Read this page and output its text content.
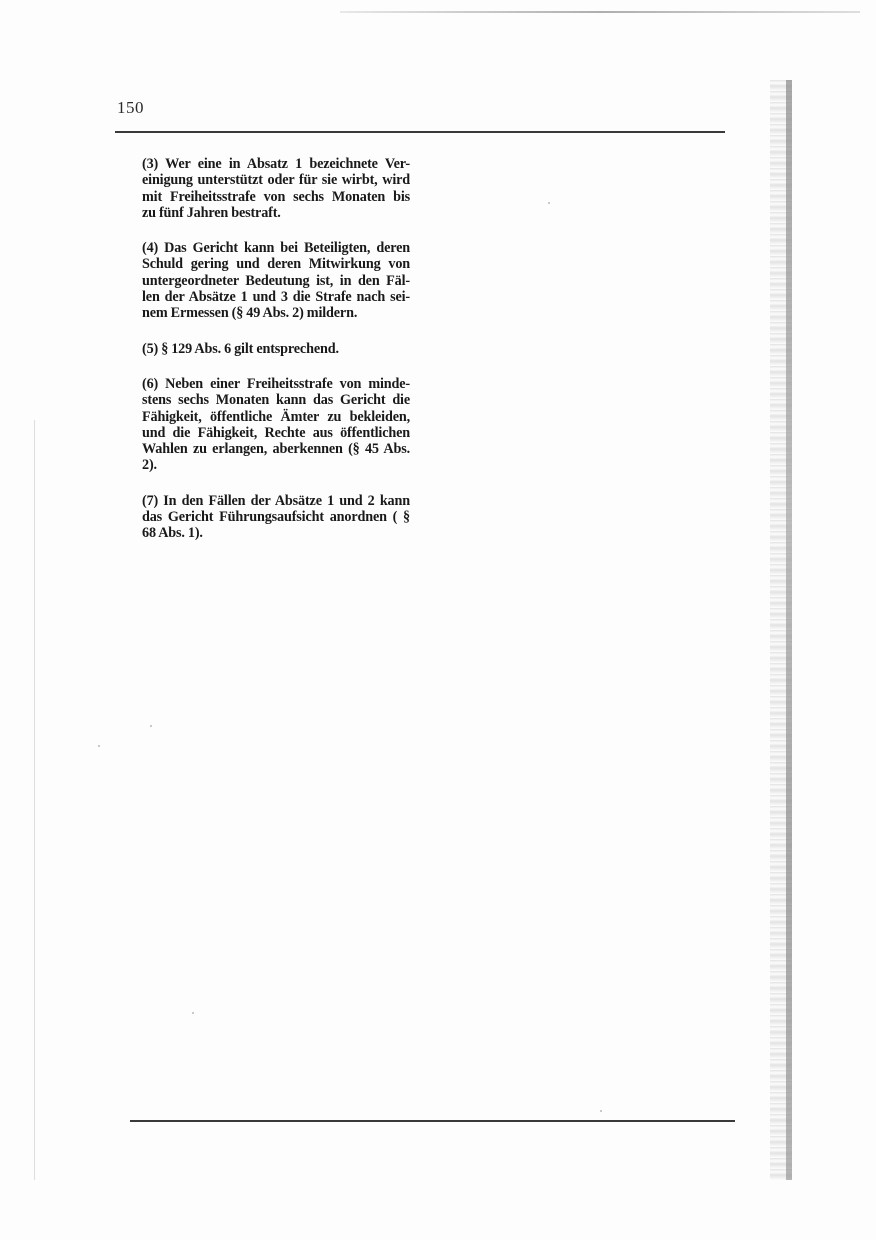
150

(3) Wer eine in Absatz 1 bezeichnete Ver-
einigung unterstützt oder für sie wirbt, wird
mit Freiheitsstrafe von sechs Monaten bis
zu fünf Jahren bestraft.

(4) Das Gericht kann bei Beteiligten, deren
Schuld gering und deren Mitwirkung von
untergeordneter Bedeutung ist, in den Fäl-
len der Absätze 1 und 3 die Strafe nach sei-
nem Ermessen (§ 49 Abs. 2) mildern.

(5) § 129 Abs. 6 gilt entsprechend.

(6) Neben einer Freiheitsstrafe von minde-
stens sechs Monaten kann das Gericht die
Fähigkeit, öffentliche Ämter zu bekleiden,
und die Fähigkeit, Rechte aus öffentlichen
Wahlen zu erlangen, aberkennen (§ 45 Abs.
2).

(7) In den Fällen der Absätze 1 und 2 kann
das Gericht Führungsaufsicht anordnen ( §
68 Abs. 1).
